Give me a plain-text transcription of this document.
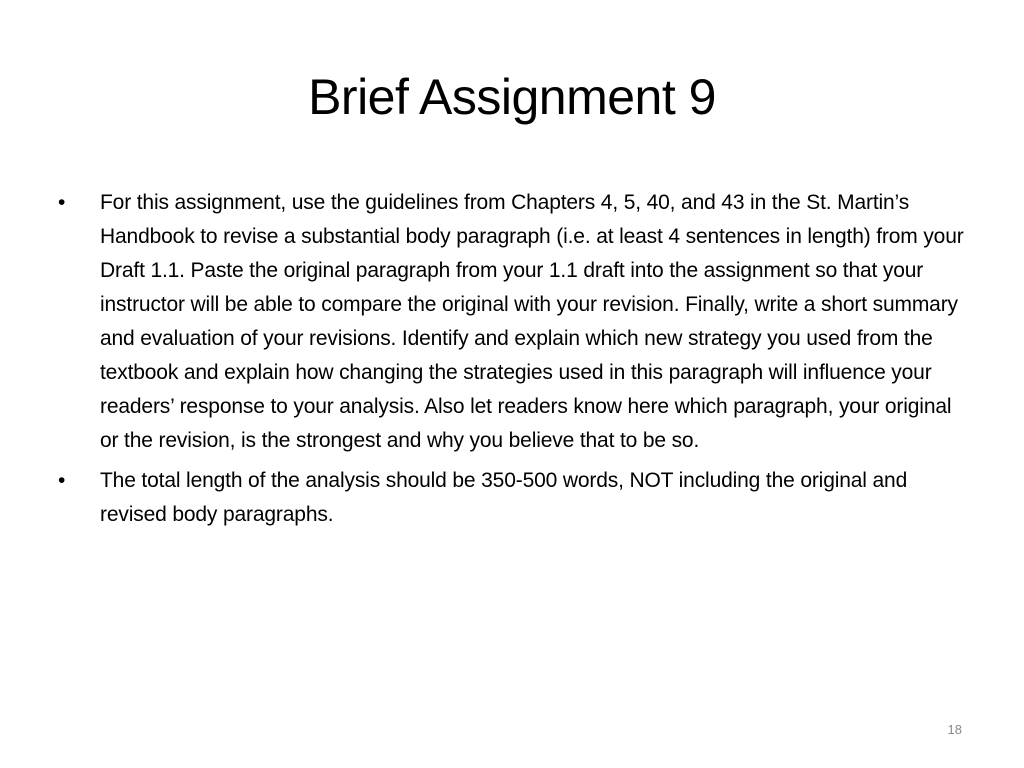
Brief Assignment 9
•	For this assignment, use the guidelines from Chapters 4, 5, 40, and 43 in the St. Martin’s Handbook to revise a substantial body paragraph (i.e. at least 4 sentences in length) from your Draft 1.1. Paste the original paragraph from your 1.1 draft into the assignment so that your instructor will be able to compare the original with your revision. Finally, write a short summary and evaluation of your revisions. Identify and explain which new strategy you used from the textbook and explain how changing the strategies used in this paragraph will influence your readers’ response to your analysis. Also let readers know here which paragraph, your original or the revision, is the strongest and why you believe that to be so.
•	The total length of the analysis should be 350-500 words, NOT including the original and revised body paragraphs.
18
